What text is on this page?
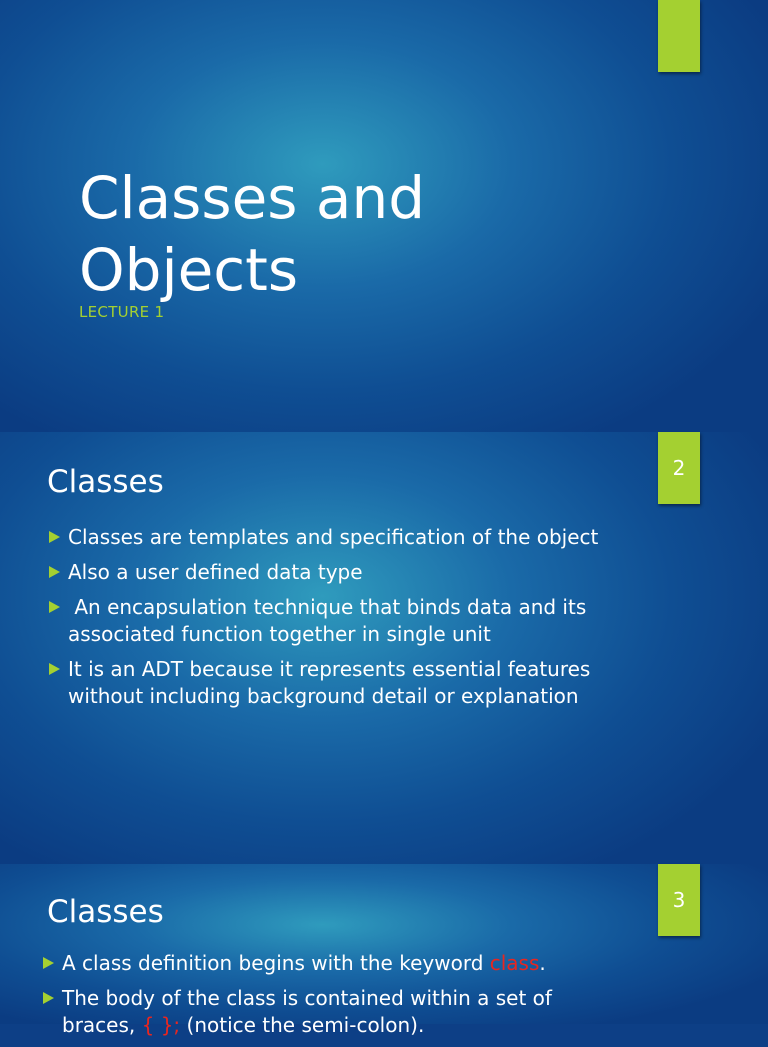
Classes and Objects
LECTURE 1
2
Classes
Classes are templates and specification of the object
Also a user defined data type
An encapsulation technique that binds data and its associated function together in single unit
It is an ADT because it represents essential features without including background detail or explanation
3
Classes
A class definition begins with the keyword class.
The body of the class is contained within a set of braces, { }; (notice the semi-colon).
